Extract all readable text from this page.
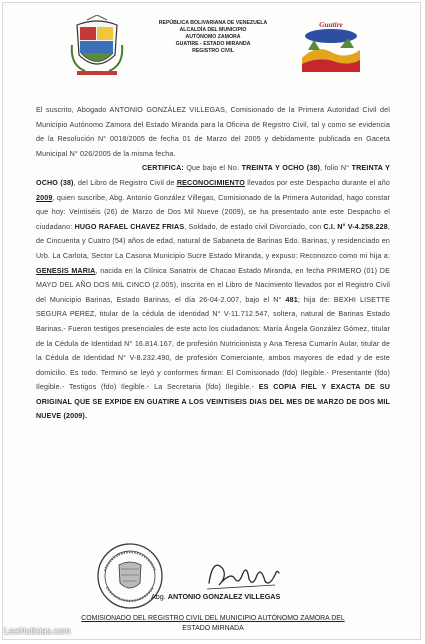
REPÚBLICA BOLIVARIANA DE VENEZUELA
ALCALDÍA DEL MUNICIPIO
AUTÓNOMO ZAMORA
GUATIRE - ESTADO MIRANDA
REGISTRO CIVIL
Guatire

El suscrito, Abogado ANTONIO GONZÁLEZ VILLEGAS, Comisionado de la Primera Autoridad Civil del Municipio Autónomo Zamora del Estado Miranda para la Oficina de Registro Civil, tal y como se evidencia de la Resolución N° 0018/2005 de fecha 01 de Marzo del 2005 y debidamente publicada en Gaceta Municipal N° 026/2005 de la misma fecha.

CERTIFICA: Que bajo el No. TREINTA Y OCHO (38), folio N° TREINTA Y OCHO (38), del Libro de Registro Civil de RECONOCIMIENTO llevados por este Despacho durante el año 2009, quien suscribe, Abg. Antonio González Villegas, Comisionado de la Primera Autoridad, hago constar que hoy: Veintiséis (26) de Marzo de Dos Mil Nueve (2009), se ha presentado ante este Despacho el ciudadano: HUGO RAFAEL CHAVEZ FRIAS, Soldado, de estado civil Divorciado, con C.I. N° V-4.258.228, de Cincuenta y Cuatro (54) años de edad, natural de Sabaneta de Barinas Edo. Barinas, y residenciado en Urb. La Carlota, Sector La Casona Municipio Sucre Estado Miranda, y expuso: Reconozco como mi hija a: GENESIS MARIA, nacida en la Clínica Sanatrix de Chacao Estado Miranda, en fecha PRIMERO (01) DE MAYO DEL AÑO DOS MIL CINCO (2.005), inscrita en el Libro de Nacimiento llevados por el Registro Civil del Municipio Barinas, Estado Barinas, el día 26-04-2.007, bajo el N° 481; hija de: BEXHI LISETTE SEGURA PEREZ, titular de la cédula de identidad N° V-11.712.547, soltera, natural de Barinas Estado Barinas.- Fueron testigos presenciales de este acto los ciudadanos: María Ángela González Gómez, titular de la Cédula de Identidad N° 16.814.167, de profesión Nutricionista y Ana Teresa Cumarín Aular, titular de la Cédula de Identidad N° V-8.232.490, de profesión Comerciante, ambos mayores de edad y de este domicilio. Es todo. Terminó se leyó y conformes firman: El Comisionado (fdo) Ilegible.- Presentante (fdo) Ilegible.- Testigos (fdo) Ilegible.- La Secretaria (fdo) Ilegible.- ES COPIA FIEL Y EXACTA DE SU ORIGINAL QUE SE EXPIDE EN GUATIRE A LOS VEINTISEIS DIAS DEL MES DE MARZO DE DOS MIL NUEVE (2009).

Abg. ANTONIO GONZALEZ VILLEGAS
COMISIONADO DEL REGISTRO CIVIL DEL MUNICIPIO AUTÓNOMO ZAMORA DEL
ESTADO MIRNADA
LeaNoticias.com
